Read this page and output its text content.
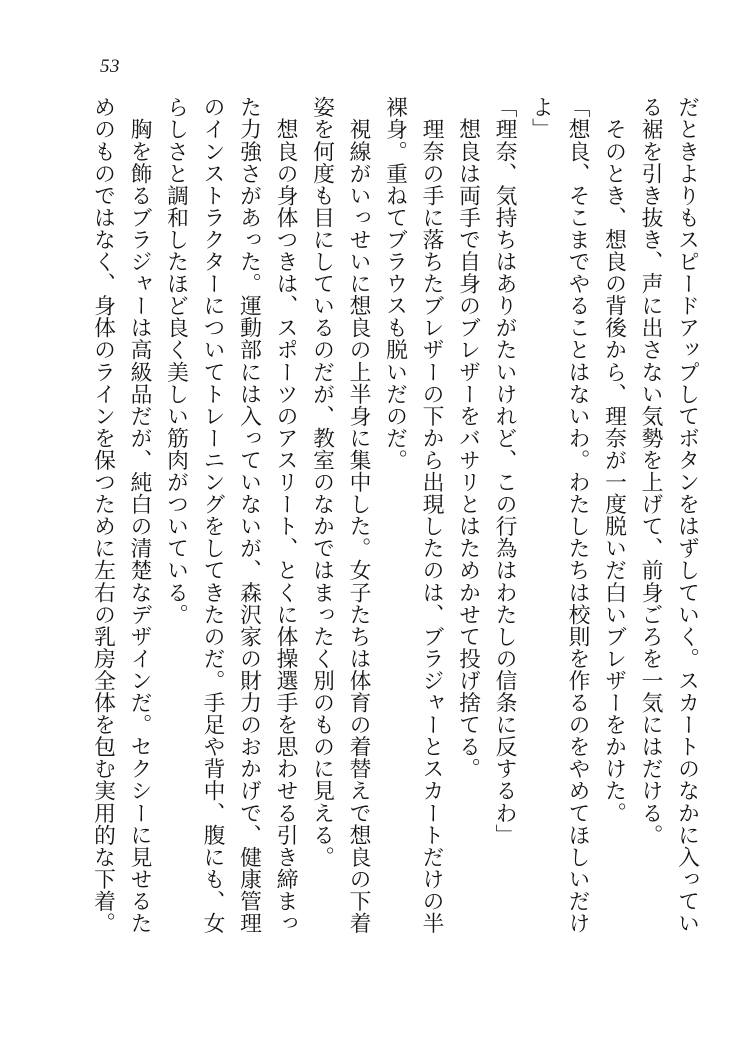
53
だときよりもスピードアップしてボタンをはずしていく。スカートのなかに入ってい
る裾を引き抜き、声に出さない気勢を上げて、前身ごろを一気にはだける。
　そのとき、想良の背後から、理奈が一度脱いだ白いブレザーをかけた。
「想良、そこまでやることはないわ。わたしたちは校則を作るのをやめてほしいだけ
よ」
「理奈、気持ちはありがたいけれど、この行為はわたしの信条に反するわ」
　想良は両手で自身のブレザーをバサリとはためかせて投げ捨てる。
　理奈の手に落ちたブレザーの下から出現したのは、ブラジャーとスカートだけの半
裸身。重ねてブラウスも脱いだのだ。
　視線がいっせいに想良の上半身に集中した。女子たちは体育の着替えで想良の下着
姿を何度も目にしているのだが、教室のなかではまったく別のものに見える。
　想良の身体つきは、スポーツのアスリート、とくに体操選手を思わせる引き締まっ
た力強さがあった。運動部には入っていないが、森沢家の財力のおかげで、健康管理
のインストラクターについてトレーニングをしてきたのだ。手足や背中、腹にも、女
らしさと調和したほど良く美しい筋肉がついている。
　胸を飾るブラジャーは高級品だが、純白の清楚なデザインだ。セクシーに見せるた
めのものではなく、身体のラインを保つために左右の乳房全体を包む実用的な下着。
